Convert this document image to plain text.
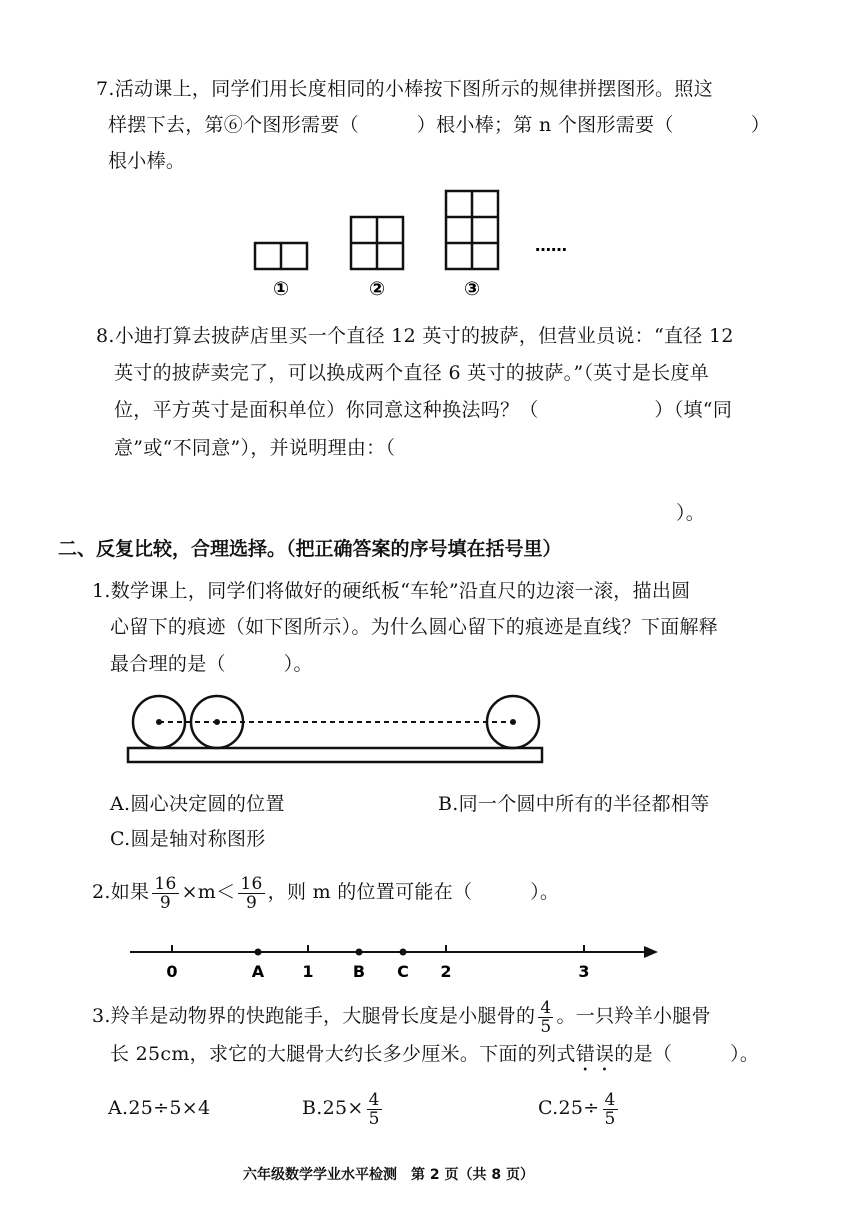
7.活动课上，同学们用长度相同的小棒按下图所示的规律拼摆图形。照这
样摆下去，第⑥个图形需要（　　　）根小棒；第 n 个图形需要（　　　　）
根小棒。
①	②	③
……
8.小迪打算去披萨店里买一个直径 12 英寸的披萨，但营业员说：“直径 12
英寸的披萨卖完了，可以换成两个直径 6 英寸的披萨。”（英寸是长度单
位，平方英寸是面积单位）你同意这种换法吗？（　　　　　　）（填“同
意”或“不同意”），并说明理由：（
）。
二、反复比较，合理选择。（把正确答案的序号填在括号里）
1.数学课上，同学们将做好的硬纸板“车轮”沿直尺的边滚一滚，描出圆
心留下的痕迹（如下图所示）。为什么圆心留下的痕迹是直线？下面解释
最合理的是（　　　）。
A.圆心决定圆的位置	B.同一个圆中所有的半径都相等
C.圆是轴对称图形
2.如果 $\frac{16}{9} \times m< \frac{16}{9}$ ，则 m 的位置可能在（　　　）。
0	A 1 B C 2	3
3.羚羊是动物界的快跑能手，大腿骨长度是小腿骨的 $\frac{4}{5}$ 。一只羚羊小腿骨
长 25cm，求它的大腿骨大约长多少厘米。下面的列式错误的是（　　　）。
A.25÷5×4	$B.25\times \frac{4}{5}$	$C.25\div \frac{4}{5}$
六年级数学学业水平检测　第 2 页（共 8 页）
